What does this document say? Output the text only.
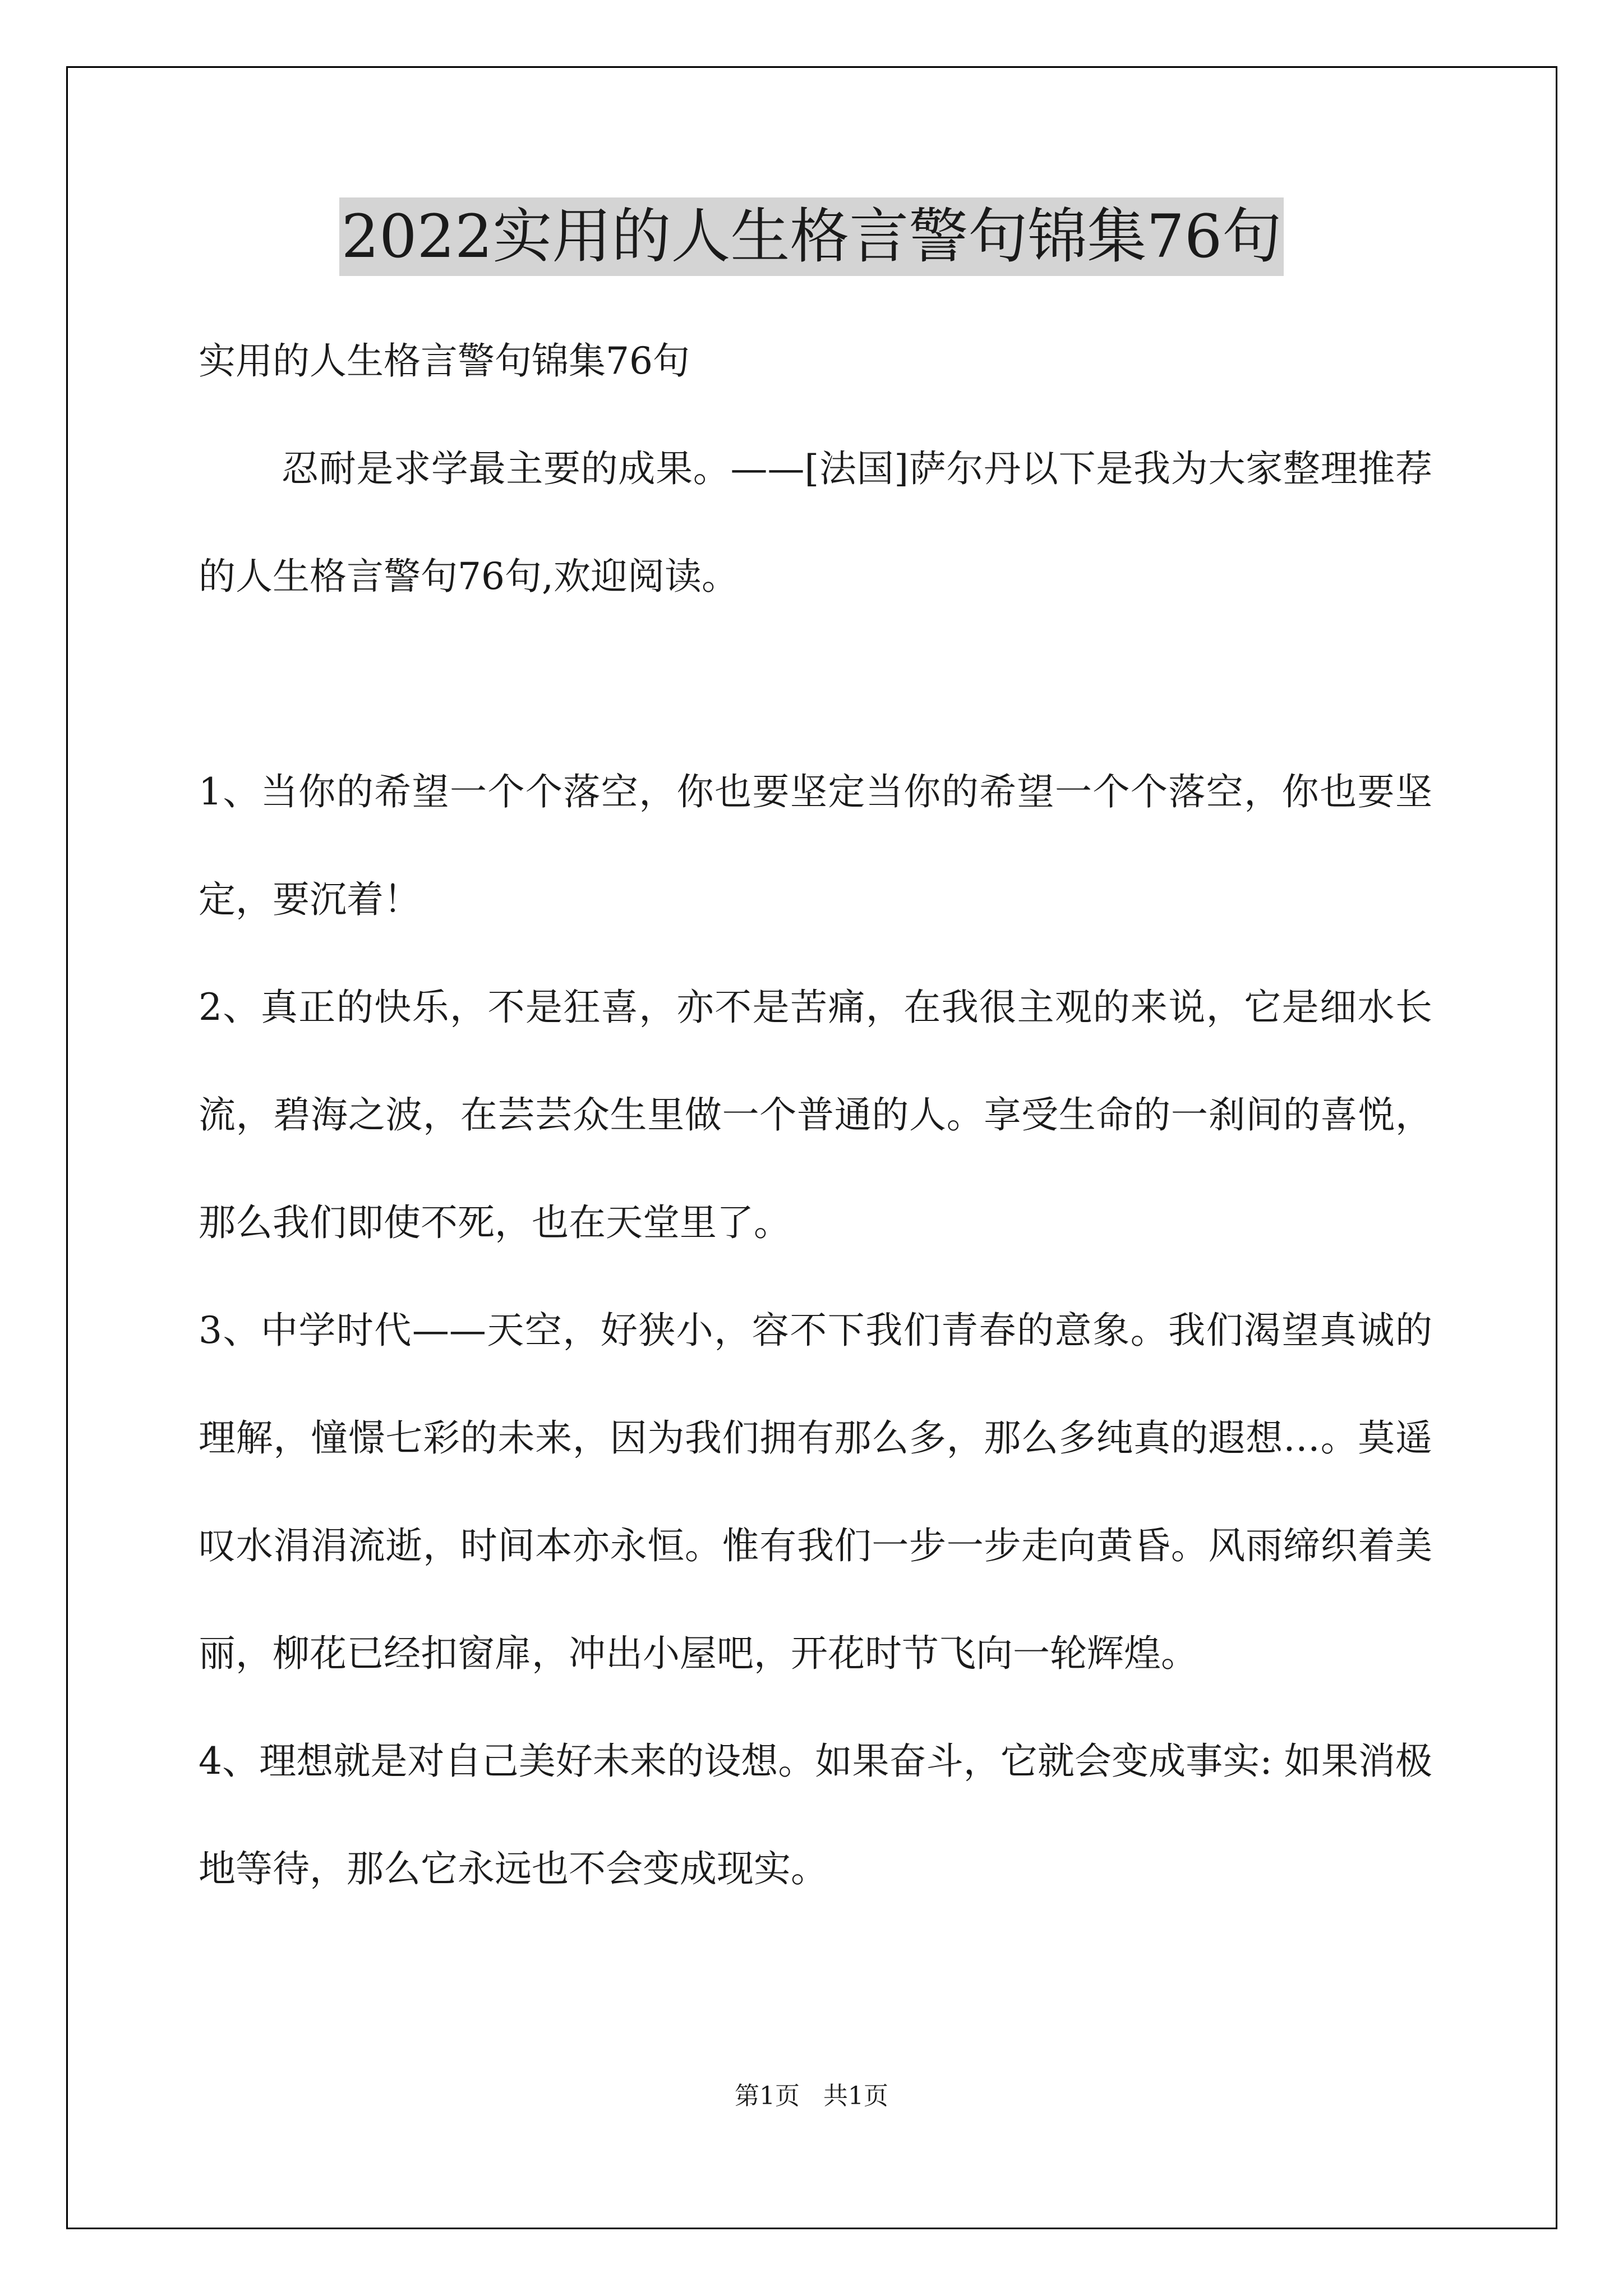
2022实用的人生格言警句锦集76句

实用的人生格言警句锦集76句

忍耐是求学最主要的成果。——[法国]萨尔丹以下是我为大家整理推荐的人生格言警句76句,欢迎阅读。

1、当你的希望一个个落空，你也要坚定当你的希望一个个落空，你也要坚定，要沉着！

2、真正的快乐，不是狂喜，亦不是苦痛，在我很主观的来说，它是细水长流，碧海之波，在芸芸众生里做一个普通的人。享受生命的一刹间的喜悦，那么我们即使不死，也在天堂里了。

3、中学时代——天空，好狭小，容不下我们青春的意象。我们渴望真诚的理解，憧憬七彩的未来，因为我们拥有那么多，那么多纯真的遐想…。莫遥叹水涓涓流逝，时间本亦永恒。惟有我们一步一步走向黄昏。风雨缔织着美丽，柳花已经扣窗扉，冲出小屋吧，开花时节飞向一轮辉煌。

4、理想就是对自己美好未来的设想。如果奋斗，它就会变成事实: 如果消极地等待，那么它永远也不会变成现实。

第1页   共1页
